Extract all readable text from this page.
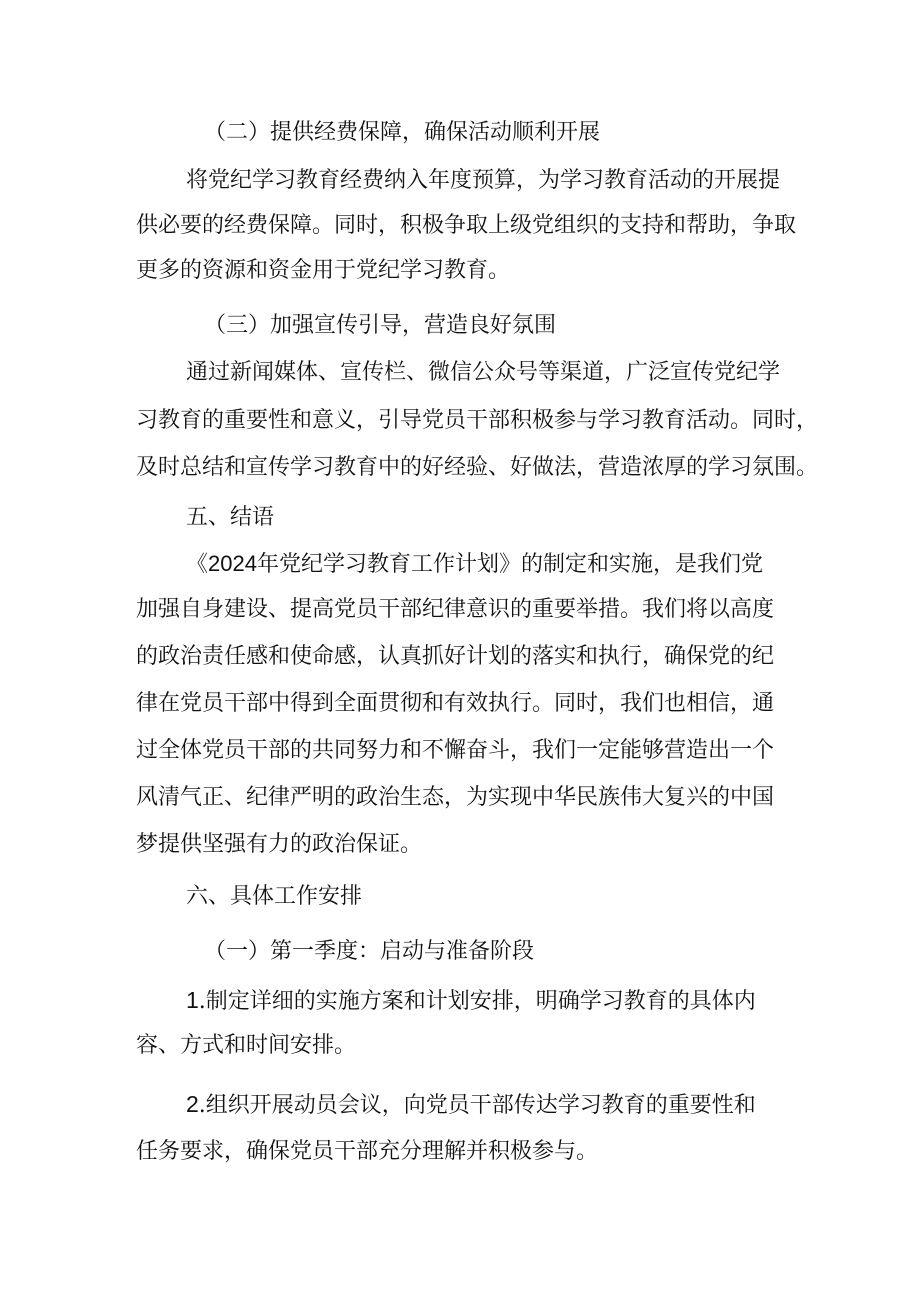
（二）提供经费保障，确保活动顺利开展
将党纪学习教育经费纳入年度预算，为学习教育活动的开展提
供必要的经费保障。同时，积极争取上级党组织的支持和帮助，争取
更多的资源和资金用于党纪学习教育。
（三）加强宣传引导，营造良好氛围
通过新闻媒体、宣传栏、微信公众号等渠道，广泛宣传党纪学
习教育的重要性和意义，引导党员干部积极参与学习教育活动。同时，
及时总结和宣传学习教育中的好经验、好做法，营造浓厚的学习氛围。
五、结语
《2024年党纪学习教育工作计划》的制定和实施，是我们党
加强自身建设、提高党员干部纪律意识的重要举措。我们将以高度
的政治责任感和使命感，认真抓好计划的落实和执行，确保党的纪
律在党员干部中得到全面贯彻和有效执行。同时，我们也相信，通
过全体党员干部的共同努力和不懈奋斗，我们一定能够营造出一个
风清气正、纪律严明的政治生态，为实现中华民族伟大复兴的中国
梦提供坚强有力的政治保证。
六、具体工作安排
（一）第一季度：启动与准备阶段
1.制定详细的实施方案和计划安排，明确学习教育的具体内
容、方式和时间安排。
2.组织开展动员会议，向党员干部传达学习教育的重要性和
任务要求，确保党员干部充分理解并积极参与。
